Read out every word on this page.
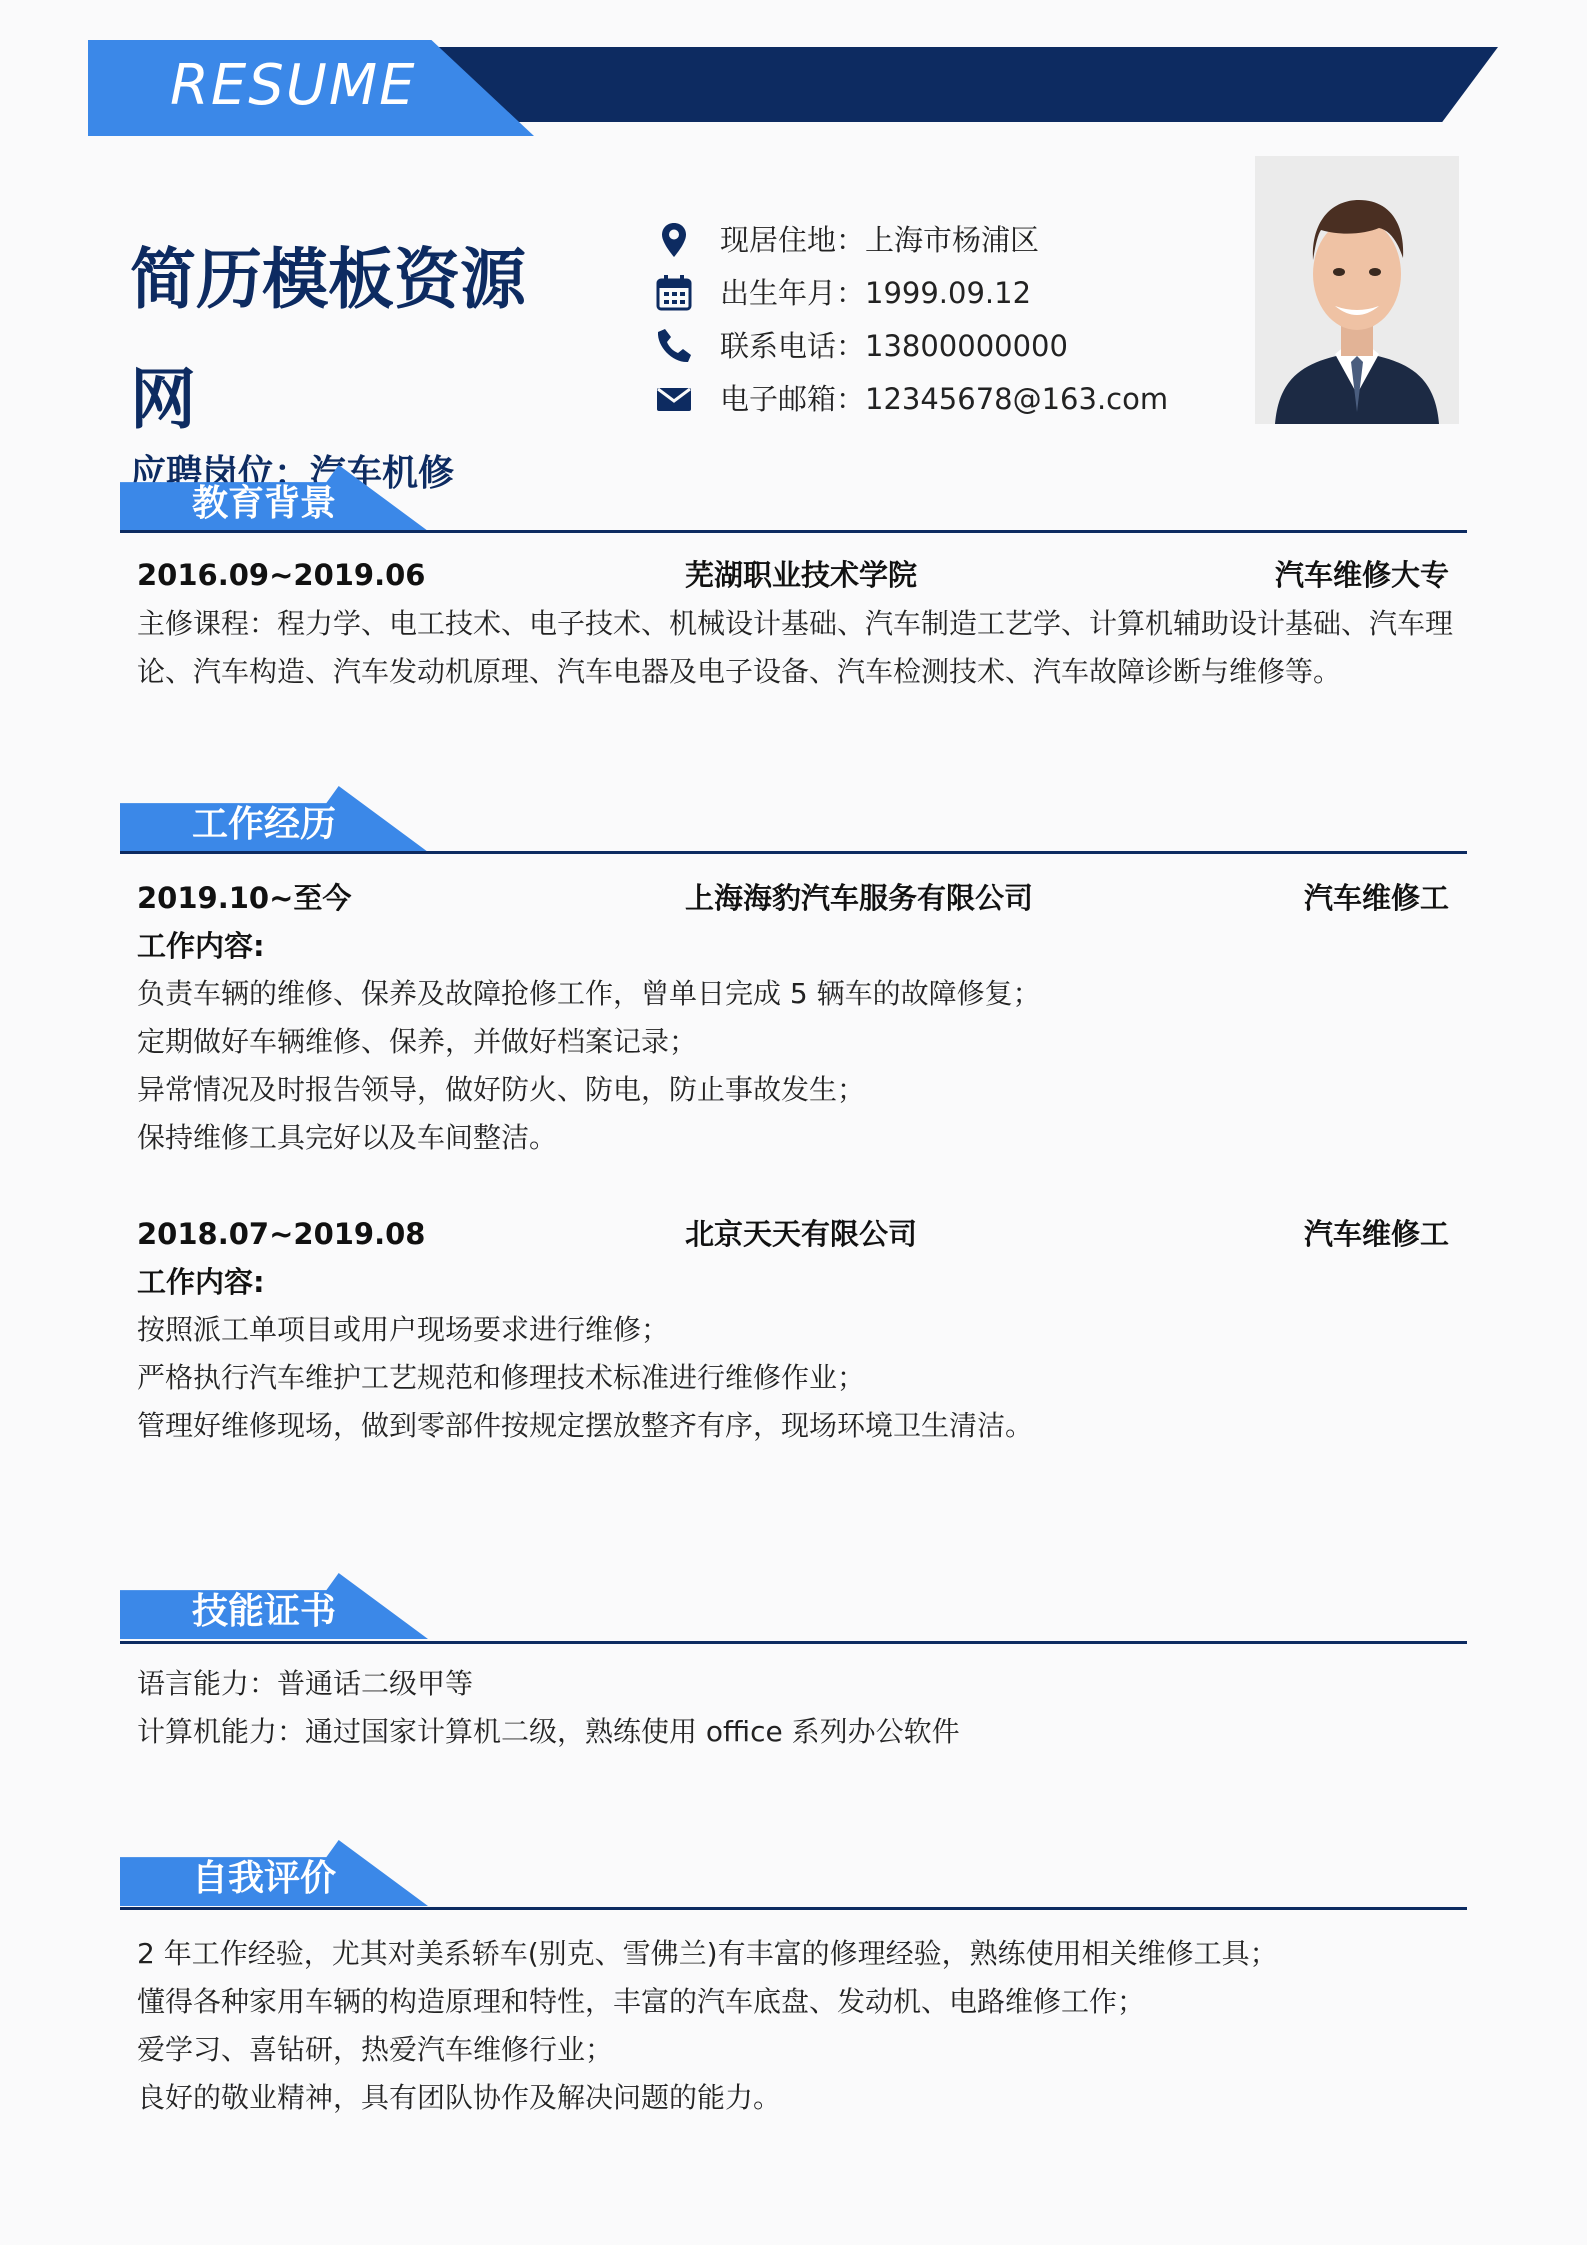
RESUME
简历模板资源网
应聘岗位：汽车机修
现居住地：上海市杨浦区
出生年月：1999.09.12
联系电话：13800000000
电子邮箱：12345678@163.com
教育背景
2016.09~2019.06	芜湖职业技术学院	汽车维修大专
主修课程：程力学、电工技术、电子技术、机械设计基础、汽车制造工艺学、计算机辅助设计基础、汽车理论、汽车构造、汽车发动机原理、汽车电器及电子设备、汽车检测技术、汽车故障诊断与维修等。
工作经历
2019.10~至今	上海海豹汽车服务有限公司	汽车维修工
工作内容:
负责车辆的维修、保养及故障抢修工作，曾单日完成 5 辆车的故障修复；
定期做好车辆维修、保养，并做好档案记录；
异常情况及时报告领导，做好防火、防电，防止事故发生；
保持维修工具完好以及车间整洁。
2018.07~2019.08	北京天天有限公司	汽车维修工
工作内容:
按照派工单项目或用户现场要求进行维修；
严格执行汽车维护工艺规范和修理技术标准进行维修作业；
管理好维修现场，做到零部件按规定摆放整齐有序，现场环境卫生清洁。
技能证书
语言能力：普通话二级甲等
计算机能力：通过国家计算机二级，熟练使用 office 系列办公软件
自我评价
2 年工作经验，尤其对美系轿车(别克、雪佛兰)有丰富的修理经验，熟练使用相关维修工具；
懂得各种家用车辆的构造原理和特性，丰富的汽车底盘、发动机、电路维修工作；
爱学习、喜钻研，热爱汽车维修行业；
良好的敬业精神，具有团队协作及解决问题的能力。
